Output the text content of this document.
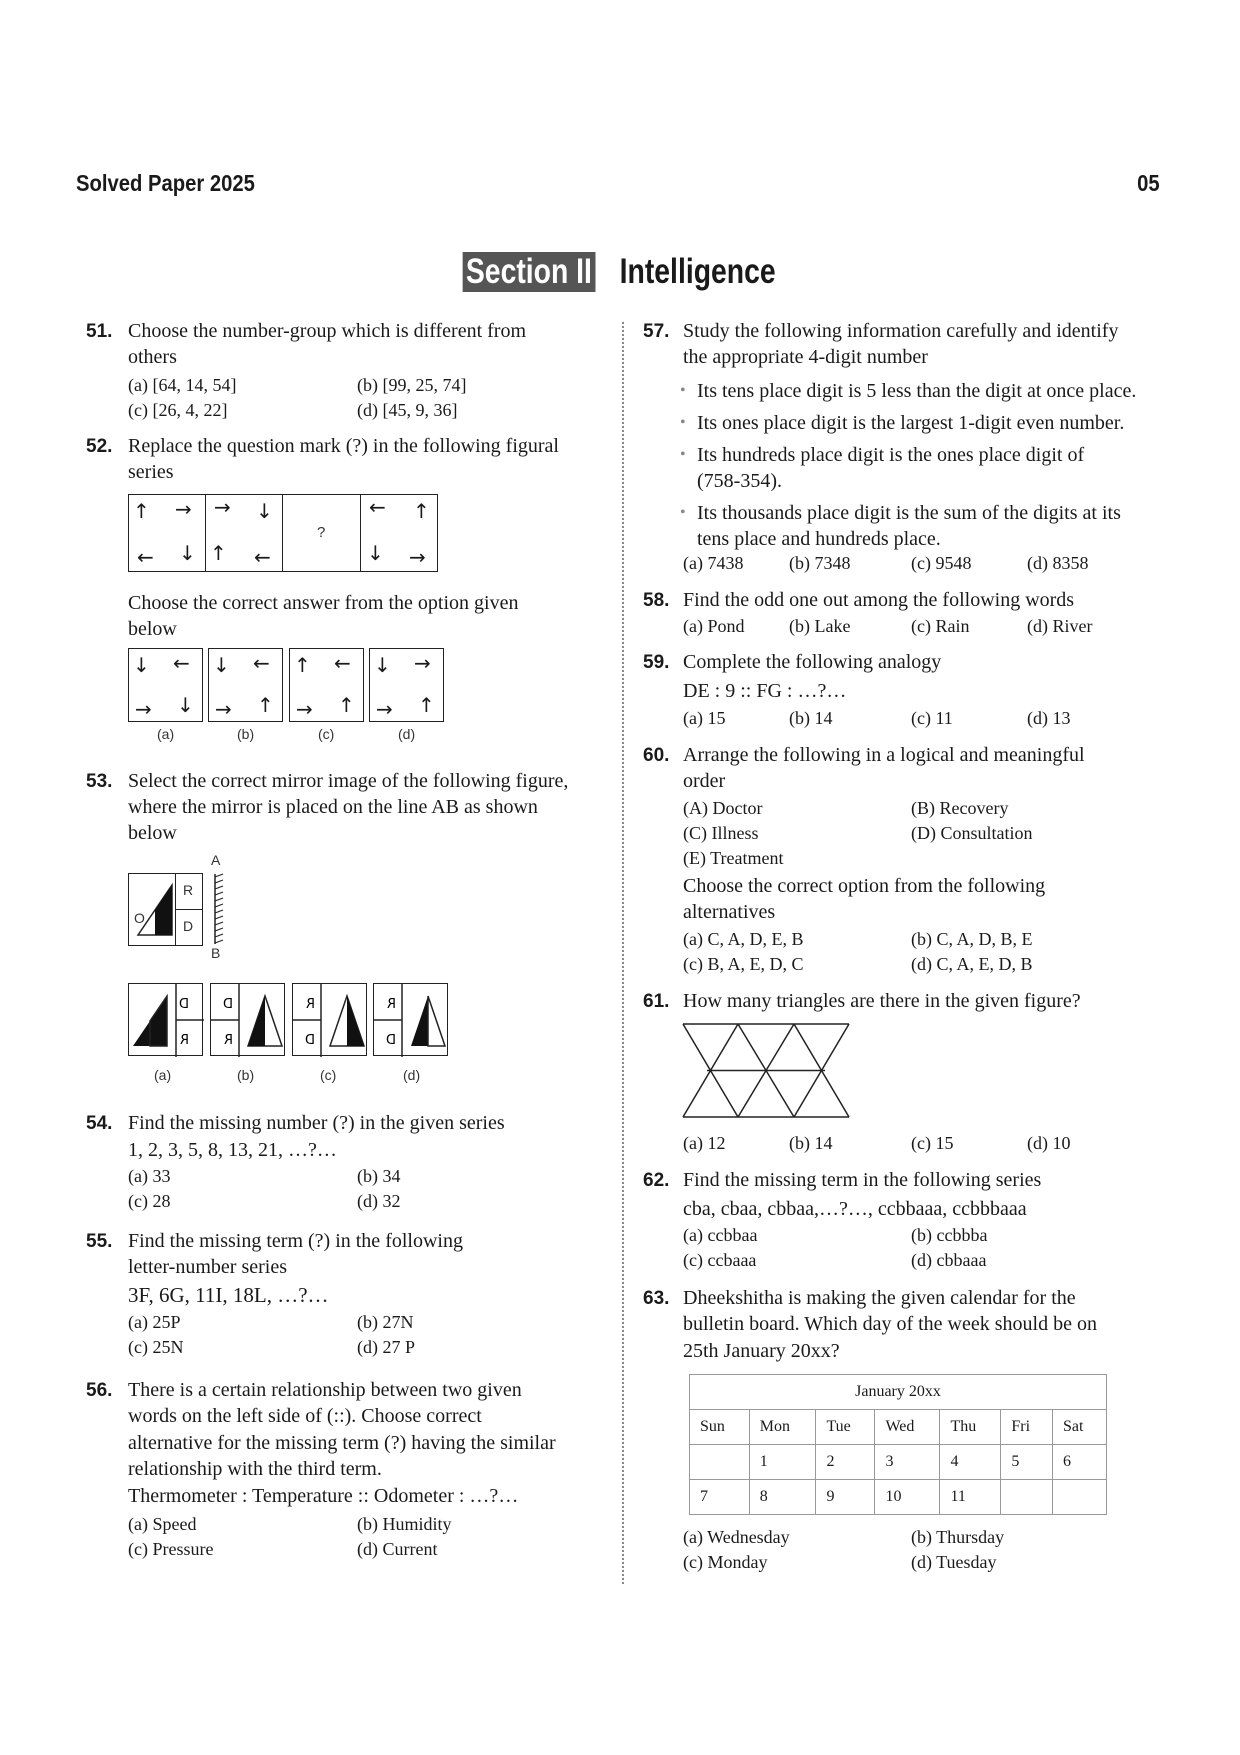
Solved Paper 2025	05
Section II Intelligence
51. Choose the number-group which is different from
others
(a) [64, 14, 54]	(b) [99, 25, 74]
(c) [26, 4, 22]	(d) [45, 9, 36]
52. Replace the question mark (?) in the following figural
series
↑ →
← ↓
→ ↓
↑ ←
?
← ↑
↓ →
Choose the correct answer from the option given
below
↓ ←
→ ↓
↓ ←
→ ↑
↑ ←
→ ↑
↓ →
→ ↑
(a)	(b)	(c)	(d)
53. Select the correct mirror image of the following figure,
where the mirror is placed on the line AB as shown
below
O
R
D
A
B
D
R
D
R
R
D
R
D
(a)	(b)	(c)	(d)
54. Find the missing number (?) in the given series
1, 2, 3, 5, 8, 13, 21, …?…
(a) 33	(b) 34
(c) 28	(d) 32
55. Find the missing term (?) in the following
letter-number series
3F, 6G, 11I, 18L, …?…
(a) 25P	(b) 27N
(c) 25N	(d) 27 P
56. There is a certain relationship between two given
words on the left side of (::). Choose correct
alternative for the missing term (?) having the similar
relationship with the third term.
Thermometer : Temperature :: Odometer : …?…
(a) Speed	(b) Humidity
(c) Pressure	(d) Current
57. Study the following information carefully and identify
the appropriate 4-digit number
• Its tens place digit is 5 less than the digit at once place.
• Its ones place digit is the largest 1-digit even number.
• Its hundreds place digit is the ones place digit of
(758-354).
• Its thousands place digit is the sum of the digits at its
tens place and hundreds place.
(a) 7438	(b) 7348	(c) 9548	(d) 8358
58. Find the odd one out among the following words
(a) Pond (b) Lake	(c) Rain	(d) River
59. Complete the following analogy
DE : 9 :: FG : …?…
(a) 15	(b) 14	(c) 11	(d) 13
60. Arrange the following in a logical and meaningful
order
(A) Doctor	(B) Recovery
(C) Illness	(D) Consultation
(E) Treatment
Choose the correct option from the following
alternatives
(a) C, A, D, E, B	(b) C, A, D, B, E
(c) B, A, E, D, C	(d) C, A, E, D, B
61. How many triangles are there in the given figure?
(a) 12	(b) 14	(c) 15	(d) 10
62. Find the missing term in the following series
cba, cbaa, cbbaa,…?…, ccbbaaa, ccbbbaaa
(a) ccbbaa	(b) ccbbba
(c) ccbaaa	(d) cbbaaa
63. Dheekshitha is making the given calendar for the
bulletin board. Which day of the week should be on
25th January 20xx?
January 20xx						
Sun	Mon	Tue	Wed	Thu	Fri	Sat
	1	2	3	4	5	6
7	8	9	10	11		
(a) Wednesday	(b) Thursday
(c) Monday	(d) Tuesday
